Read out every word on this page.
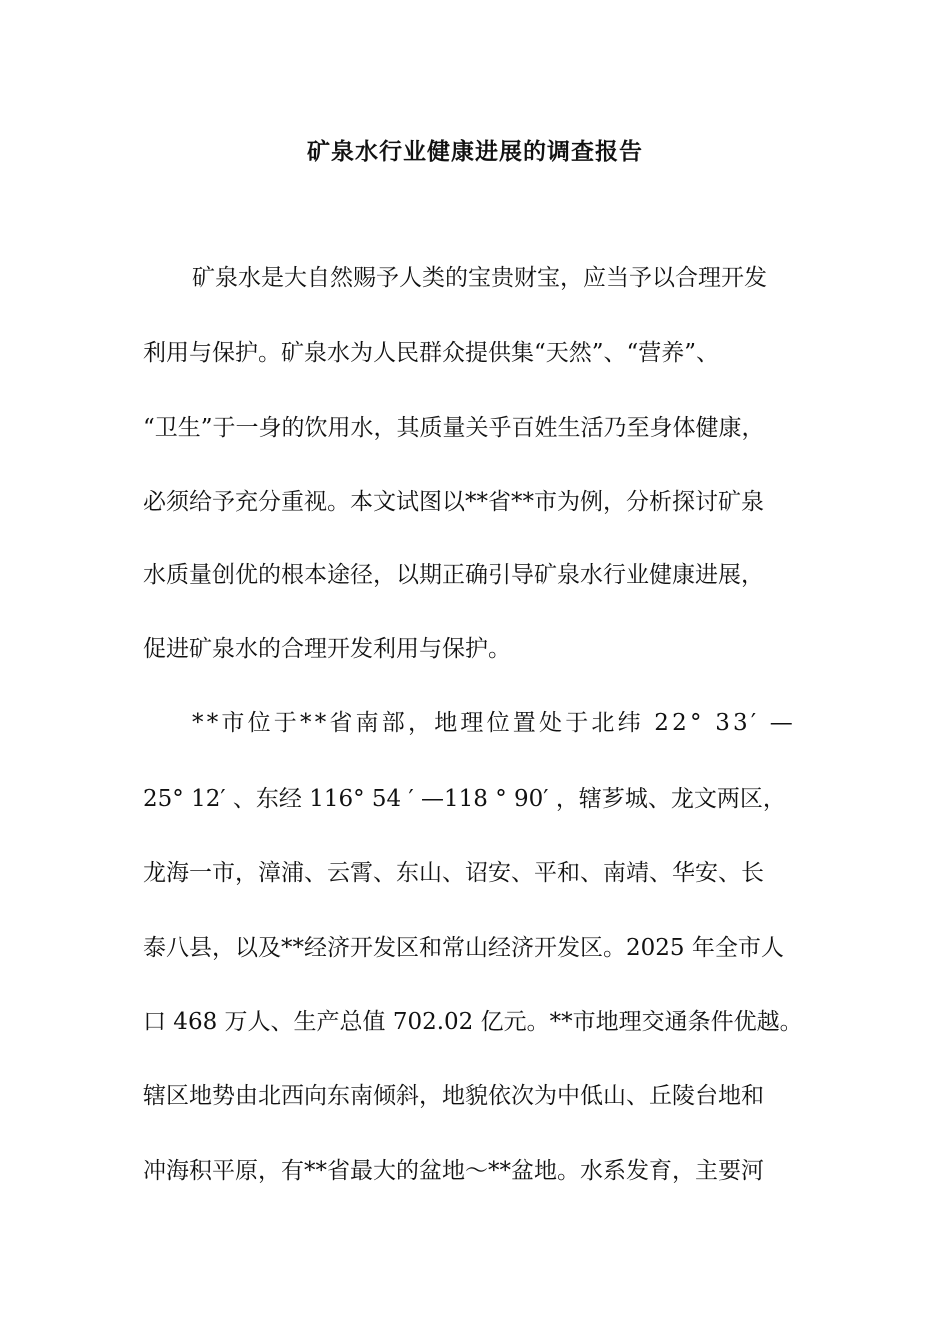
矿泉水行业健康进展的调查报告
矿泉水是大自然赐予人类的宝贵财宝，应当予以合理开发
利用与保护。矿泉水为人民群众提供集“天然”、“营养”、
“卫生”于一身的饮用水，其质量关乎百姓生活乃至身体健康，
必须给予充分重视。本文试图以**省**市为例，分析探讨矿泉
水质量创优的根本途径，以期正确引导矿泉水行业健康进展，
促进矿泉水的合理开发利用与保护。
**市位于**省南部，地理位置处于北纬 22° 33′ —
25° 12′ 、东经 116° 54 ′ —118 ° 90′ ，辖芗城、龙文两区，
龙海一市，漳浦、云霄、东山、诏安、平和、南靖、华安、长
泰八县，以及**经济开发区和常山经济开发区。2025 年全市人
口 468 万人、生产总值 702.02 亿元。**市地理交通条件优越。
辖区地势由北西向东南倾斜，地貌依次为中低山、丘陵台地和
冲海积平原，有**省最大的盆地～**盆地。水系发育，主要河
